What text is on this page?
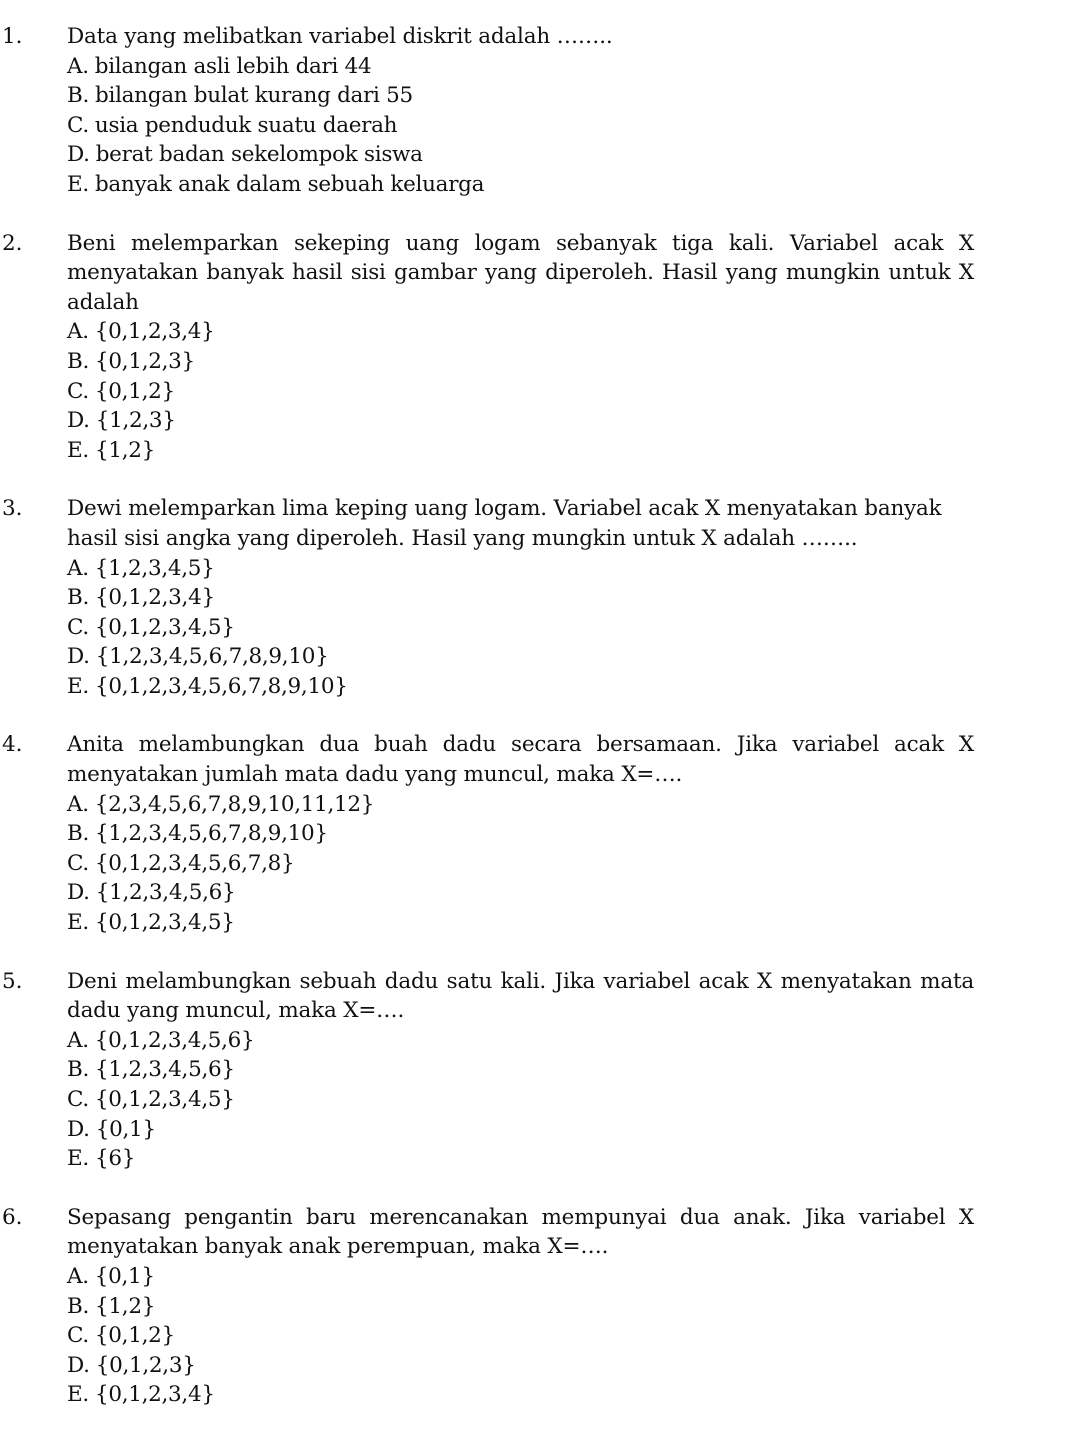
1. Data yang melibatkan variabel diskrit adalah ……..
A. bilangan asli lebih dari 44
B. bilangan bulat kurang dari 55
C. usia penduduk suatu daerah
D. berat badan sekelompok siswa
E. banyak anak dalam sebuah keluarga
2. Beni melemparkan sekeping uang logam sebanyak tiga kali. Variabel acak X menyatakan banyak hasil sisi gambar yang diperoleh. Hasil yang mungkin untuk X adalah
A. {0,1,2,3,4}
B. {0,1,2,3}
C. {0,1,2}
D. {1,2,3}
E. {1,2}
3. Dewi melemparkan lima keping uang logam. Variabel acak X menyatakan banyak hasil sisi angka yang diperoleh. Hasil yang mungkin untuk X adalah ……..
A. {1,2,3,4,5}
B. {0,1,2,3,4}
C. {0,1,2,3,4,5}
D. {1,2,3,4,5,6,7,8,9,10}
E. {0,1,2,3,4,5,6,7,8,9,10}
4. Anita melambungkan dua buah dadu secara bersamaan. Jika variabel acak X menyatakan jumlah mata dadu yang muncul, maka X=….
A. {2,3,4,5,6,7,8,9,10,11,12}
B. {1,2,3,4,5,6,7,8,9,10}
C. {0,1,2,3,4,5,6,7,8}
D. {1,2,3,4,5,6}
E. {0,1,2,3,4,5}
5. Deni melambungkan sebuah dadu satu kali. Jika variabel acak X menyatakan mata dadu yang muncul, maka X=….
A. {0,1,2,3,4,5,6}
B. {1,2,3,4,5,6}
C. {0,1,2,3,4,5}
D. {0,1}
E. {6}
6. Sepasang pengantin baru merencanakan mempunyai dua anak. Jika variabel X menyatakan banyak anak perempuan, maka X=….
A. {0,1}
B. {1,2}
C. {0,1,2}
D. {0,1,2,3}
E. {0,1,2,3,4}
